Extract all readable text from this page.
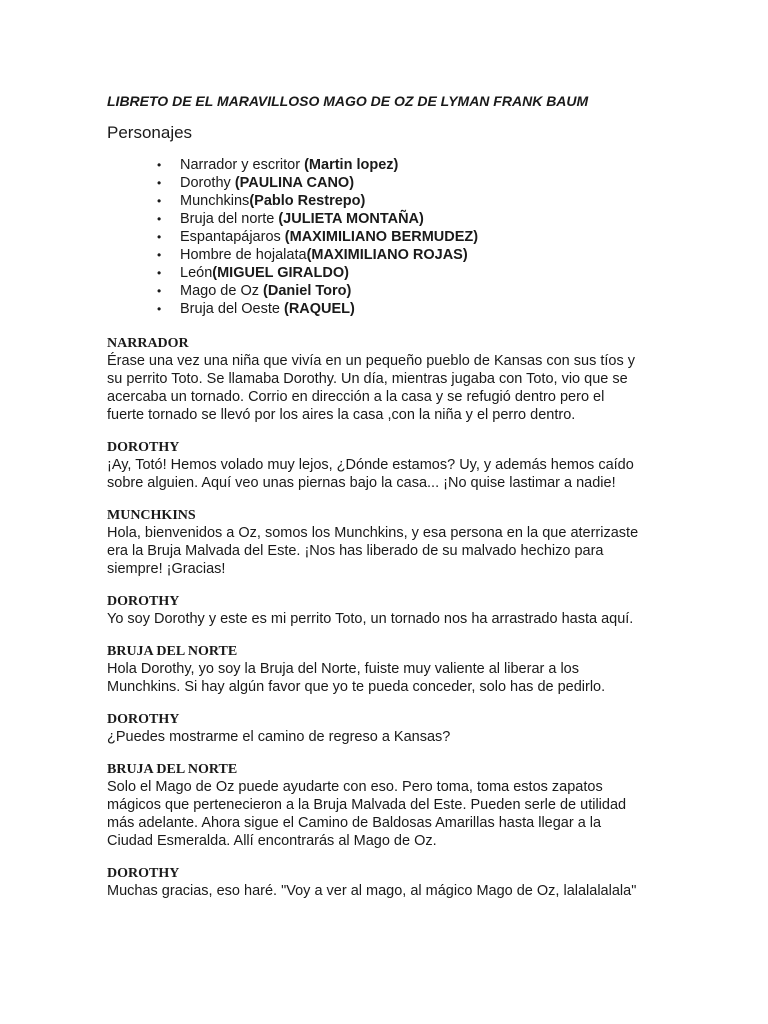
LIBRETO DE EL MARAVILLOSO MAGO DE OZ DE LYMAN FRANK BAUM
Personajes
• Narrador y escritor (Martin lopez)
• Dorothy (PAULINA CANO)
• Munchkins(Pablo Restrepo)
• Bruja del norte (JULIETA MONTAÑA)
• Espantapájaros (MAXIMILIANO BERMUDEZ)
• Hombre de hojalata(MAXIMILIANO ROJAS)
• León(MIGUEL GIRALDO)
• Mago de Oz (Daniel Toro)
• Bruja del Oeste (RAQUEL)
NARRADOR
Érase una vez una niña que vivía en un pequeño pueblo de Kansas con sus tíos y
su perrito Toto. Se llamaba Dorothy. Un día, mientras jugaba con Toto, vio que se
acercaba un tornado. Corrio en dirección a la casa y se refugió dentro pero el
fuerte tornado se llevó por los aires la casa ,con la niña y el perro dentro.
DOROTHY
¡Ay, Totó! Hemos volado muy lejos, ¿Dónde estamos? Uy, y además hemos caído
sobre alguien. Aquí veo unas piernas bajo la casa... ¡No quise lastimar a nadie!
MUNCHKINS
Hola, bienvenidos a Oz, somos los Munchkins, y esa persona en la que aterrizaste
era la Bruja Malvada del Este. ¡Nos has liberado de su malvado hechizo para
siempre! ¡Gracias!
DOROTHY
Yo soy Dorothy y este es mi perrito Toto, un tornado nos ha arrastrado hasta aquí.
BRUJA DEL NORTE
Hola Dorothy, yo soy la Bruja del Norte, fuiste muy valiente al liberar a los
Munchkins. Si hay algún favor que yo te pueda conceder, solo has de pedirlo.
DOROTHY
¿Puedes mostrarme el camino de regreso a Kansas?
BRUJA DEL NORTE
Solo el Mago de Oz puede ayudarte con eso. Pero toma, toma estos zapatos
mágicos que pertenecieron a la Bruja Malvada del Este. Pueden serle de utilidad
más adelante. Ahora sigue el Camino de Baldosas Amarillas hasta llegar a la
Ciudad Esmeralda. Allí encontrarás al Mago de Oz.
DOROTHY
Muchas gracias, eso haré. "Voy a ver al mago, al mágico Mago de Oz, lalalalalala"
